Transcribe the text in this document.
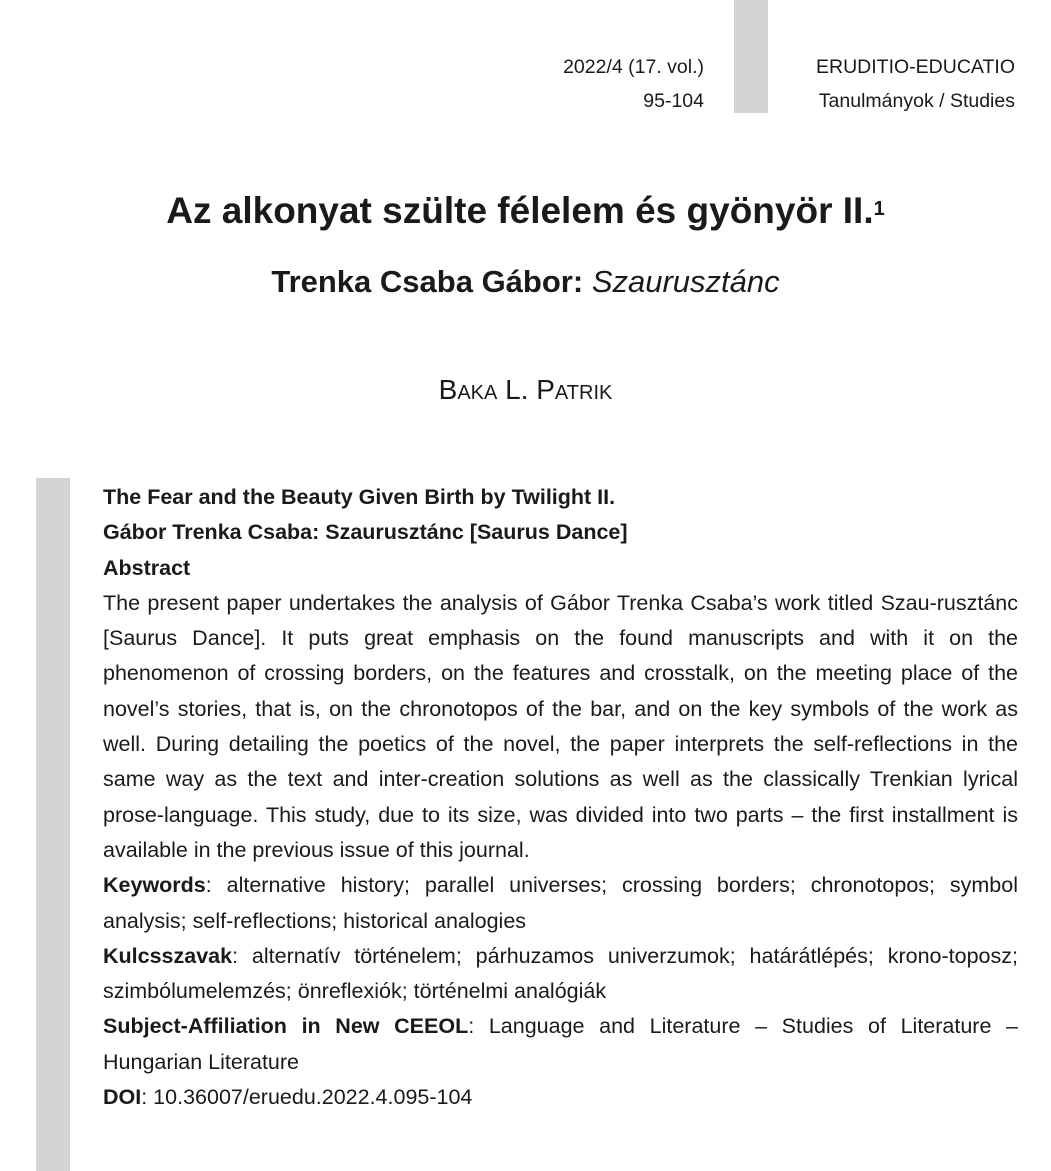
2022/4 (17. vol.)
95-104
ERUDITIO-EDUCATIO
Tanulmányok / Studies
Az alkonyat szülte félelem és gyönyör II.$^1$
Trenka Csaba Gábor: Szaurusztánc
Baka L. Patrik

The Fear and the Beauty Given Birth by Twilight II.

Gábor Trenka Csaba: Szaurusztánc [Saurus Dance]

Abstract

The present paper undertakes the analysis of Gábor Trenka Csaba’s work titled Szau-rusztánc [Saurus Dance]. It puts great emphasis on the found manuscripts and with it on the phenomenon of crossing borders, on the features and crosstalk, on the meeting place of the novel’s stories, that is, on the chronotopos of the bar, and on the key symbols of the work as well. During detailing the poetics of the novel, the paper interprets the self-reflections in the same way as the text and inter-creation solutions as well as the classically Trenkian lyrical prose-language. This study, due to its size, was divided into two parts – the first installment is available in the previous issue of this journal.

Keywords: alternative history; parallel universes; crossing borders; chronotopos; symbol analysis; self-reflections; historical analogies

Kulcsszavak: alternatív történelem; párhuzamos univerzumok; határátlépés; krono-toposz; szimbólumelemzés; önreflexiók; történelmi analógiák

Subject-Affiliation in New CEEOL: Language and Literature – Studies of Literature – Hungarian Literature

DOI: 10.36007/eruedu.2022.4.095-104
